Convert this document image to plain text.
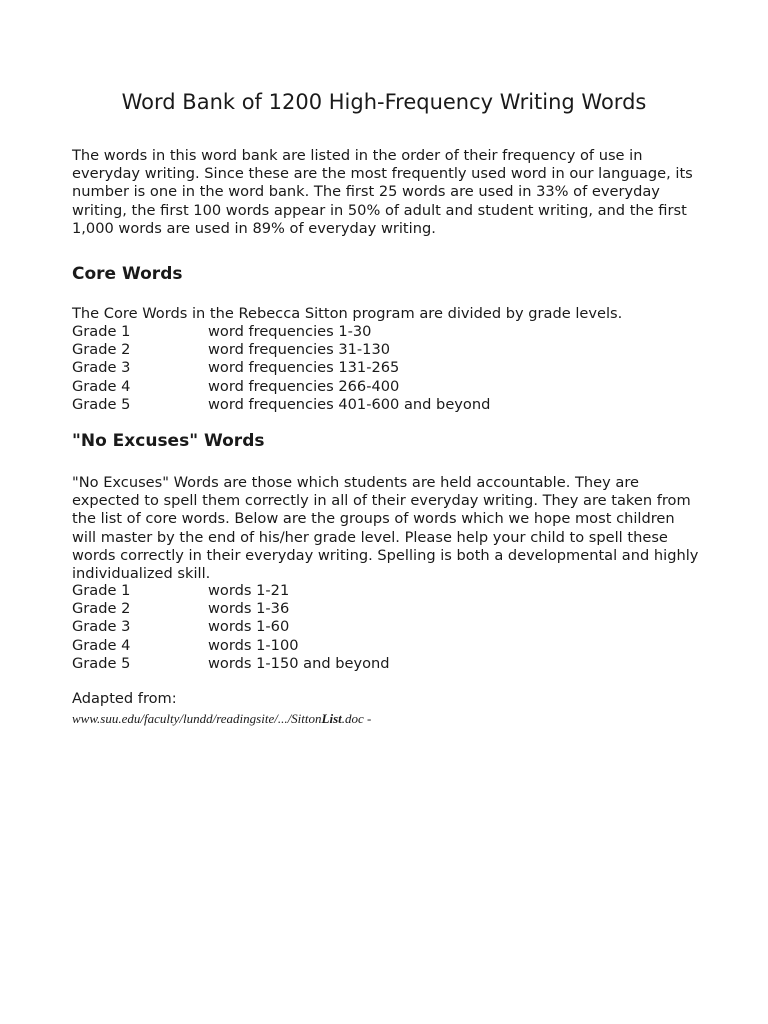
Word Bank of 1200 High-Frequency Writing Words

The words in this word bank are listed in the order of their frequency of use in everyday writing. Since these are the most frequently used word in our language, its number is one in the word bank. The first 25 words are used in 33% of everyday writing, the first 100 words appear in 50% of adult and student writing, and the first 1,000 words are used in 89% of everyday writing.

Core Words

The Core Words in the Rebecca Sitton program are divided by grade levels.

Grade 1	word frequencies 1-30
Grade 2	word frequencies 31-130
Grade 3	word frequencies 131-265
Grade 4	word frequencies 266-400
Grade 5	word frequencies 401-600 and beyond
"No Excuses" Words

"No Excuses" Words are those which students are held accountable. They are expected to spell them correctly in all of their everyday writing. They are taken from the list of core words. Below are the groups of words which we hope most children will master by the end of his/her grade level. Please help your child to spell these words correctly in their everyday writing. Spelling is both a developmental and highly individualized skill.

Grade 1	words 1-21
Grade 2	words 1-36
Grade 3	words 1-60
Grade 4	words 1-100
Grade 5	words 1-150 and beyond
Adapted from:
www.suu.edu/faculty/lundd/readingsite/.../SittonList.doc -
